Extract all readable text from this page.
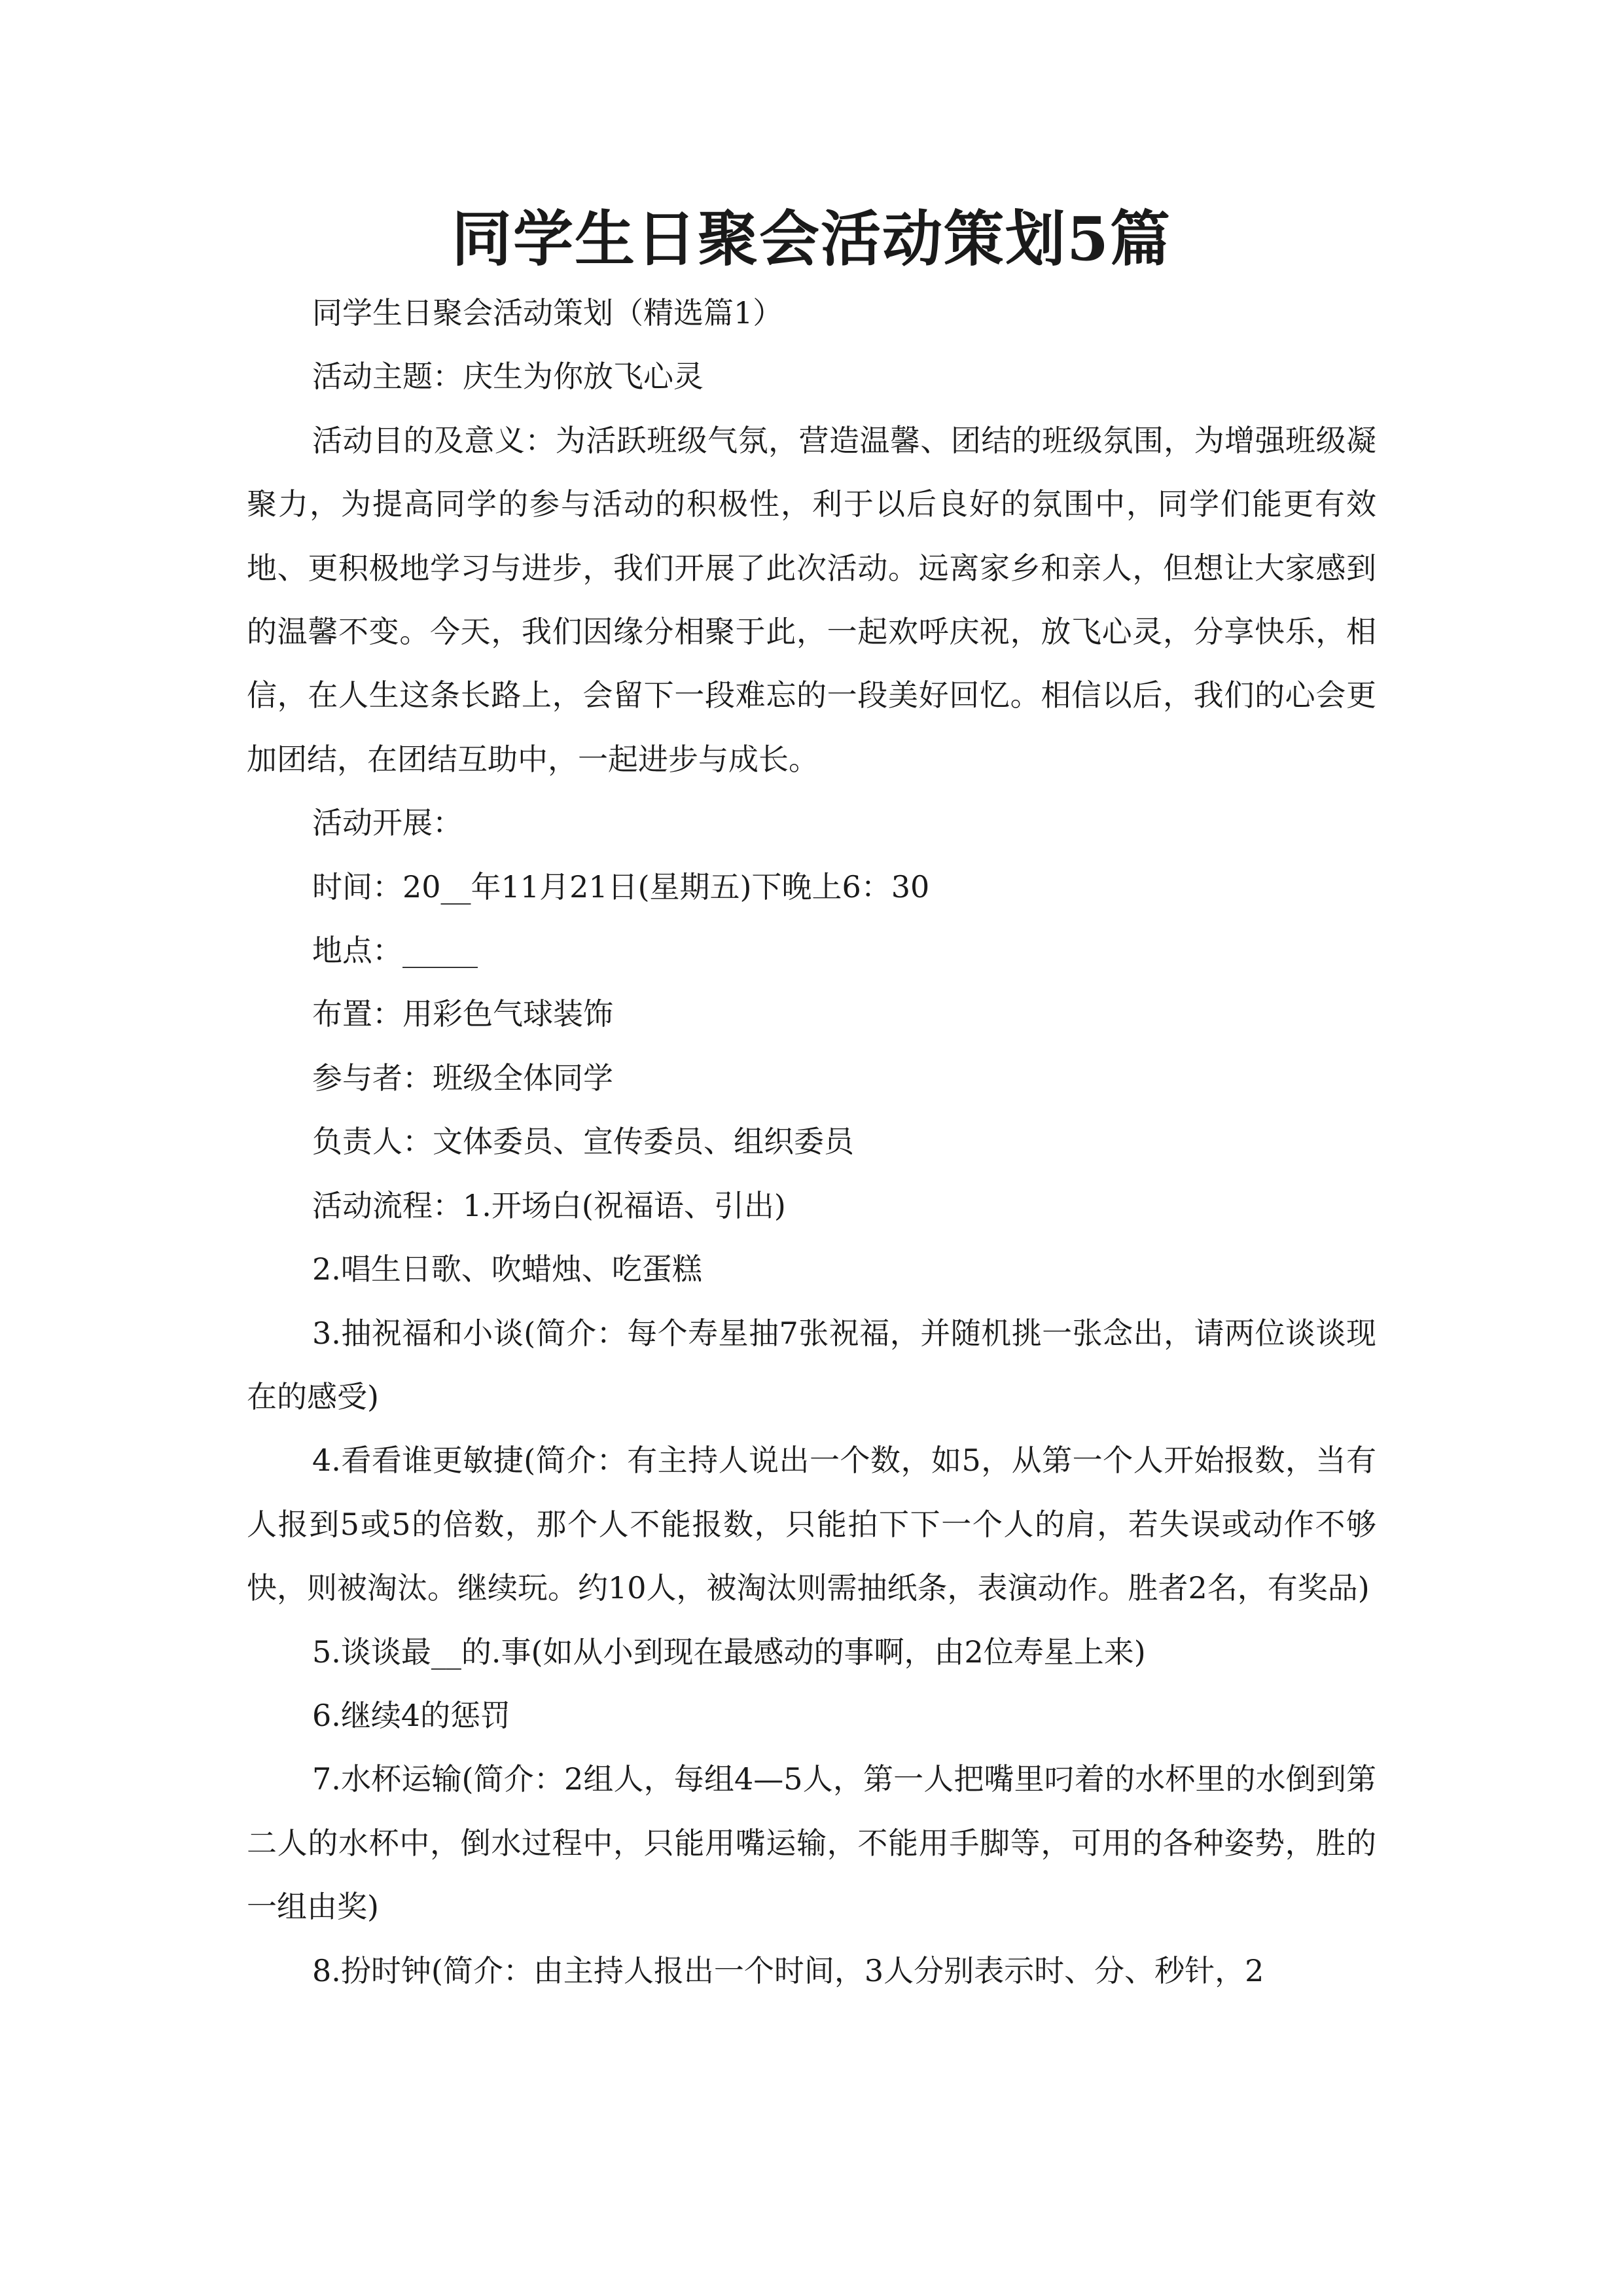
同学生日聚会活动策划5篇

同学生日聚会活动策划（精选篇1）

活动主题：庆生为你放飞心灵

活动目的及意义：为活跃班级气氛，营造温馨、团结的班级氛围，为增强班级凝聚力，为提高同学的参与活动的积极性，利于以后良好的氛围中，同学们能更有效地、更积极地学习与进步，我们开展了此次活动。远离家乡和亲人，但想让大家感到的温馨不变。今天，我们因缘分相聚于此，一起欢呼庆祝，放飞心灵，分享快乐，相信，在人生这条长路上，会留下一段难忘的一段美好回忆。相信以后，我们的心会更加团结，在团结互助中，一起进步与成长。

活动开展：

时间：20__年11月21日(星期五)下晚上6：30

地点：_____

布置：用彩色气球装饰

参与者：班级全体同学

负责人：文体委员、宣传委员、组织委员

活动流程：1.开场白(祝福语、引出)

2.唱生日歌、吹蜡烛、吃蛋糕

3.抽祝福和小谈(简介：每个寿星抽7张祝福，并随机挑一张念出，请两位谈谈现在的感受)

4.看看谁更敏捷(简介：有主持人说出一个数，如5，从第一个人开始报数，当有人报到5或5的倍数，那个人不能报数，只能拍下下一个人的肩，若失误或动作不够快，则被淘汰。继续玩。约10人，被淘汰则需抽纸条，表演动作。胜者2名，有奖品)

5.谈谈最__的.事(如从小到现在最感动的事啊，由2位寿星上来)

6.继续4的惩罚

7.水杯运输(简介：2组人，每组4—5人，第一人把嘴里叼着的水杯里的水倒到第二人的水杯中，倒水过程中，只能用嘴运输，不能用手脚等，可用的各种姿势，胜的一组由奖)

8.扮时钟(简介：由主持人报出一个时间，3人分别表示时、分、秒针，2
